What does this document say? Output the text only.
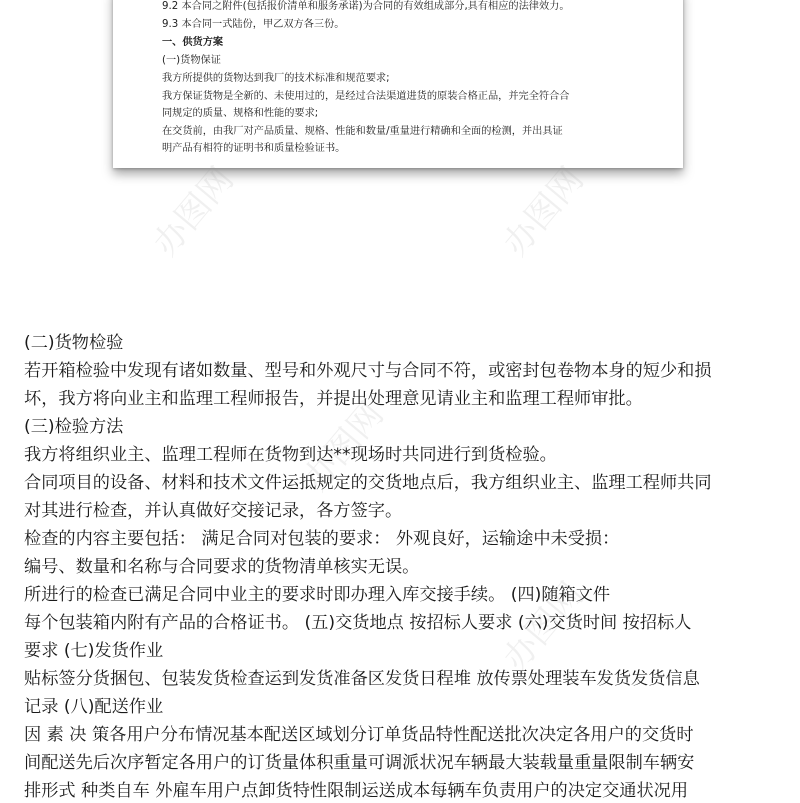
9.2 本合同之附件(包括报价清单和服务承诺)为合同的有效组成部分,具有相应的法律效力。
9.3 本合同一式陆份，甲乙双方各三份。
一、供货方案
(一)货物保证
我方所提供的货物达到我厂的技术标准和规范要求;
我方保证货物是全新的、未使用过的，是经过合法渠道进货的原装合格正品，并完全符合合
同规定的质量、规格和性能的要求;
在交货前，由我厂对产品质量、规格、性能和数量/重量进行精确和全面的检测，并出具证
明产品有相符的证明书和质量检验证书。
办图网	办图网
办图网
办图网
(二)货物检验
若开箱检验中发现有诸如数量、型号和外观尺寸与合同不符，或密封包卷物本身的短少和损
坏，我方将向业主和监理工程师报告，并提出处理意见请业主和监理工程师审批。
(三)检验方法
我方将组织业主、监理工程师在货物到达**现场时共同进行到货检验。
合同项目的设备、材料和技术文件运抵规定的交货地点后，我方组织业主、监理工程师共同
对其进行检查，并认真做好交接记录，各方签字。
检查的内容主要包括： 满足合同对包装的要求： 外观良好，运输途中未受损：
编号、数量和名称与合同要求的货物清单核实无误。
所进行的检查已满足合同中业主的要求时即办理入库交接手续。 (四)随箱文件
每个包装箱内附有产品的合格证书。 (五)交货地点 按招标人要求 (六)交货时间 按招标人
要求 (七)发货作业
贴标签分货捆包、包装发货检查运到发货准备区发货日程堆 放传票处理装车发货发货信息
记录 (八)配送作业
因 素 决 策各用户分布情况基本配送区域划分订单货品特性配送批次决定各用户的交货时
间配送先后次序暂定各用户的订货量体积重量可调派状况车辆最大装载量重量限制车辆安
排形式 种类自车 外雇车用户点卸货特性限制运送成本每辆车负责用户的决定交通状况用
